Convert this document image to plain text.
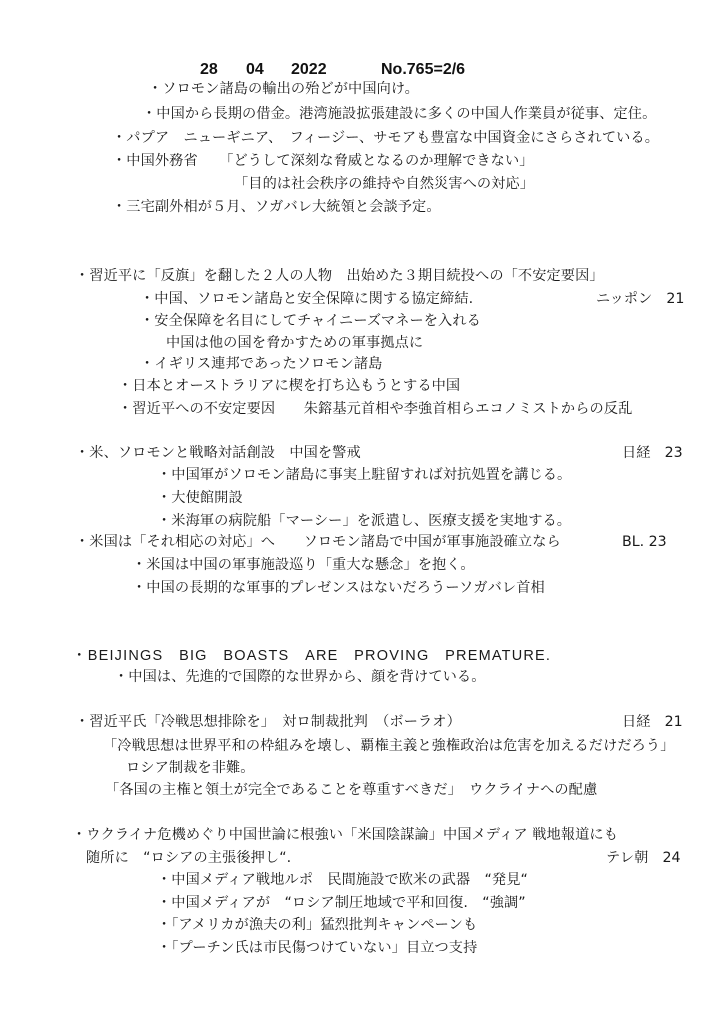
28 04 2022	No.765=2/6
・ソロモン諸島の輸出の殆どが中国向け。
・中国から長期の借金。港湾施設拡張建設に多くの中国人作業員が従事、定住。
・パプア　ニューギニア、　フィージー、サモアも豊富な中国資金にさらされている。
・中国外務省　　「どうして深刻な脅威となるのか理解できない」
「目的は社会秩序の維持や自然災害への対応」
・三宅副外相が５月、ソガバレ大統領と会談予定。
・習近平に「反旗」を翻した２人の人物　出始めた３期目続投への「不安定要因」
・中国、ソロモン諸島と安全保障に関する協定締結.	ニッポン　21
・安全保障を名目にしてチャイニーズマネーを入れる
中国は他の国を脅かすための軍事拠点に
・イギリス連邦であったソロモン諸島
・日本とオーストラリアに楔を打ち込もうとする中国
・習近平への不安定要因　　朱鎔基元首相や李強首相らエコノミストからの反乱
・米、ソロモンと戦略対話創設　中国を警戒	日経　23
・中国軍がソロモン諸島に事実上駐留すれば対抗処置を講じる。
・大使館開設
・米海軍の病院船「マーシー」を派遣し、医療支援を実地する。
・米国は「それ相応の対応」へ　　ソロモン諸島で中国が軍事施設確立なら	BL. 23
・米国は中国の軍事施設巡り「重大な懸念」を抱く。
・中国の長期的な軍事的プレゼンスはないだろうーソガバレ首相
・BEIJINGS　BIG　BOASTS　ARE　PROVING　PREMATURE.
・中国は、先進的で国際的な世界から、顔を背けている。
・習近平氏「冷戦思想排除を」　対ロ制裁批判　（ボーラオ）	日経　21
「冷戦思想は世界平和の枠組みを壊し、覇権主義と強権政治は危害を加えるだけだろう」
ロシア制裁を非難。
「各国の主権と領土が完全であることを尊重すべきだ」　ウクライナへの配慮
・ウクライナ危機めぐり中国世論に根強い「米国陰謀論」中国メディア 戦地報道にも
随所に　“ロシアの主張後押し“.	テレ朝　24
・中国メディア戦地ルポ　民間施設で欧米の武器　“発見“
・中国メディアが　“ロシア制圧地域で平和回復.　“強調”
・「アメリカが漁夫の利」猛烈批判キャンペーンも
・「プーチン氏は市民傷つけていない」目立つ支持
